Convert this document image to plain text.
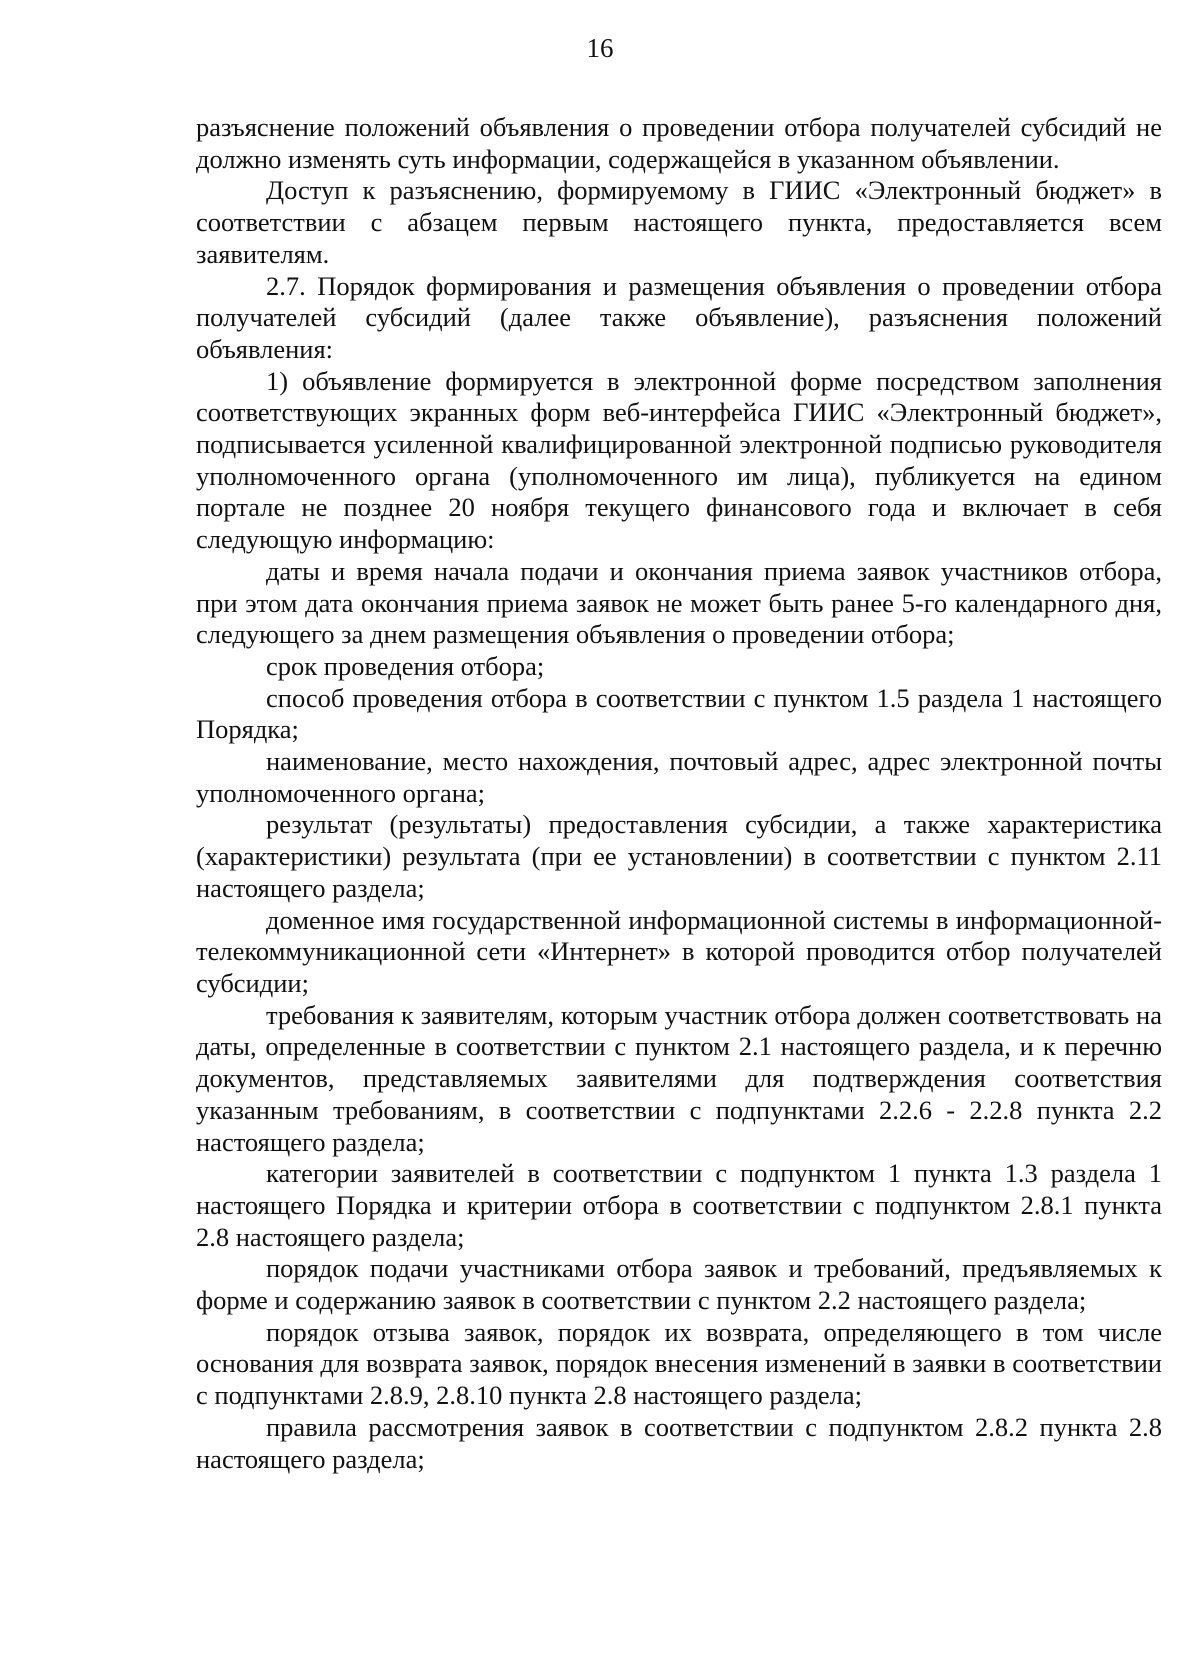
16

разъяснение положений объявления о проведении отбора получателей субсидий не должно изменять суть информации, содержащейся в указанном объявлении.

Доступ к разъяснению, формируемому в ГИИС «Электронный бюджет» в соответствии с абзацем первым настоящего пункта, предоставляется всем заявителям.

2.7. Порядок формирования и размещения объявления о проведении отбора получателей субсидий (далее также объявление), разъяснения положений объявления:

1) объявление формируется в электронной форме посредством заполнения соответствующих экранных форм веб-интерфейса ГИИС «Электронный бюджет», подписывается усиленной квалифицированной электронной подписью руководителя уполномоченного органа (уполномоченного им лица), публикуется на едином портале не позднее 20 ноября текущего финансового года и включает в себя следующую информацию:

даты и время начала подачи и окончания приема заявок участников отбора, при этом дата окончания приема заявок не может быть ранее 5-го календарного дня, следующего за днем размещения объявления о проведении отбора;

срок проведения отбора;

способ проведения отбора в соответствии с пунктом 1.5 раздела 1 настоящего Порядка;

наименование, место нахождения, почтовый адрес, адрес электронной почты уполномоченного органа;

результат (результаты) предоставления субсидии, а также характеристика (характеристики) результата (при ее установлении) в соответствии с пунктом 2.11 настоящего раздела;

доменное имя государственной информационной системы в информационной-телекоммуникационной сети «Интернет» в которой проводится отбор получателей субсидии;

требования к заявителям, которым участник отбора должен соответствовать на даты, определенные в соответствии с пунктом 2.1 настоящего раздела, и к перечню документов, представляемых заявителями для подтверждения соответствия указанным требованиям, в соответствии с подпунктами 2.2.6 - 2.2.8 пункта 2.2 настоящего раздела;

категории заявителей в соответствии с подпунктом 1 пункта 1.3 раздела 1 настоящего Порядка и критерии отбора в соответствии с подпунктом 2.8.1 пункта 2.8 настоящего раздела;

порядок подачи участниками отбора заявок и требований, предъявляемых к форме и содержанию заявок в соответствии с пунктом 2.2 настоящего раздела;

порядок отзыва заявок, порядок их возврата, определяющего в том числе основания для возврата заявок, порядок внесения изменений в заявки в соответствии с подпунктами 2.8.9, 2.8.10 пункта 2.8 настоящего раздела;

правила рассмотрения заявок в соответствии с подпунктом 2.8.2 пункта 2.8 настоящего раздела;
